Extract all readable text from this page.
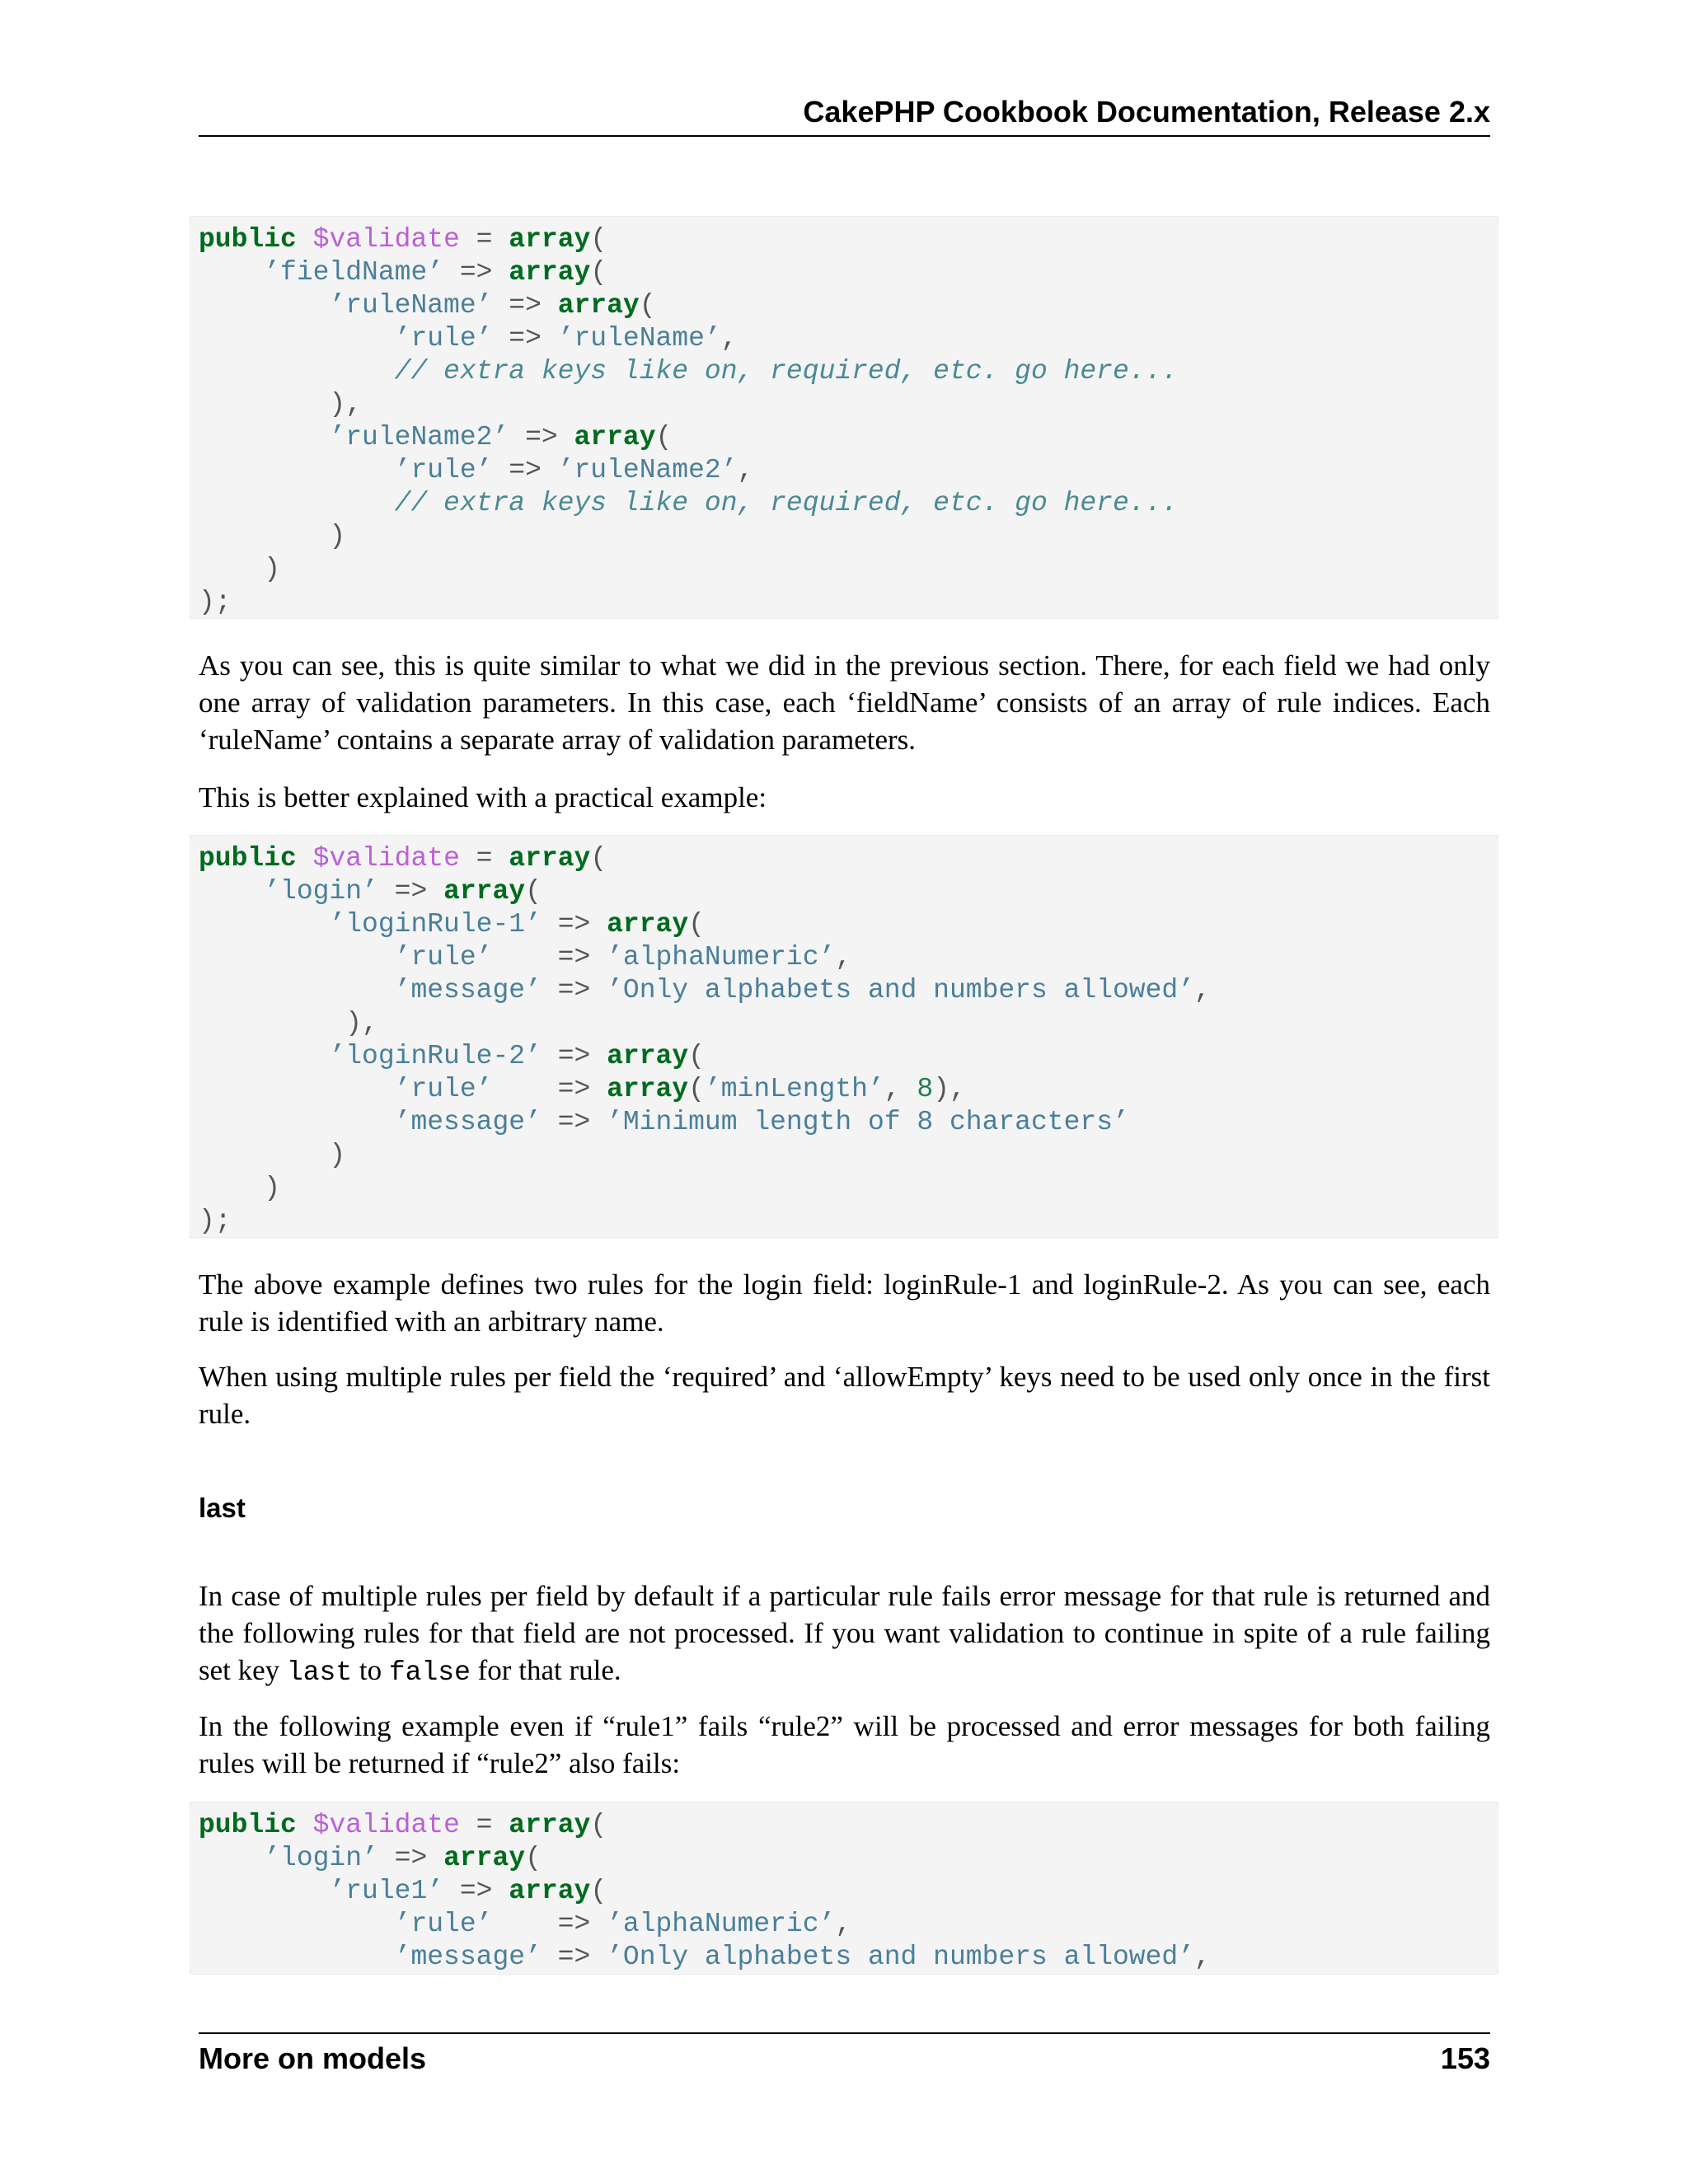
CakePHP Cookbook Documentation, Release 2.x
public $validate = array(
’fieldName’ => array(
’ruleName’ => array(
’rule’ => ’ruleName’,
// extra keys like on, required, etc. go here...
),
’ruleName2’ => array(
’rule’ => ’ruleName2’,
// extra keys like on, required, etc. go here...
)
)
);

As you can see, this is quite similar to what we did in the previous section. There, for each field we had only one array of validation parameters. In this case, each ‘fieldName’ consists of an array of rule indices. Each ‘ruleName’ contains a separate array of validation parameters.

This is better explained with a practical example:

public $validate = array(
’login’ => array(
’loginRule-1’ => array(
’rule’    => ’alphaNumeric’,
’message’ => ’Only alphabets and numbers allowed’,
),
’loginRule-2’ => array(
’rule’    => array(’minLength’, 8),
’message’ => ’Minimum length of 8 characters’
)
)
);

The above example defines two rules for the login field: loginRule-1 and loginRule-2. As you can see, each rule is identified with an arbitrary name.

When using multiple rules per field the ‘required’ and ‘allowEmpty’ keys need to be used only once in the first rule.

last

In case of multiple rules per field by default if a particular rule fails error message for that rule is returned and the following rules for that field are not processed. If you want validation to continue in spite of a rule failing set key last to false for that rule.

In the following example even if “rule1” fails “rule2” will be processed and error messages for both failing rules will be returned if “rule2” also fails:

public $validate = array(
’login’ => array(
’rule1’ => array(
’rule’    => ’alphaNumeric’,
’message’ => ’Only alphabets and numbers allowed’,
More on models	153
